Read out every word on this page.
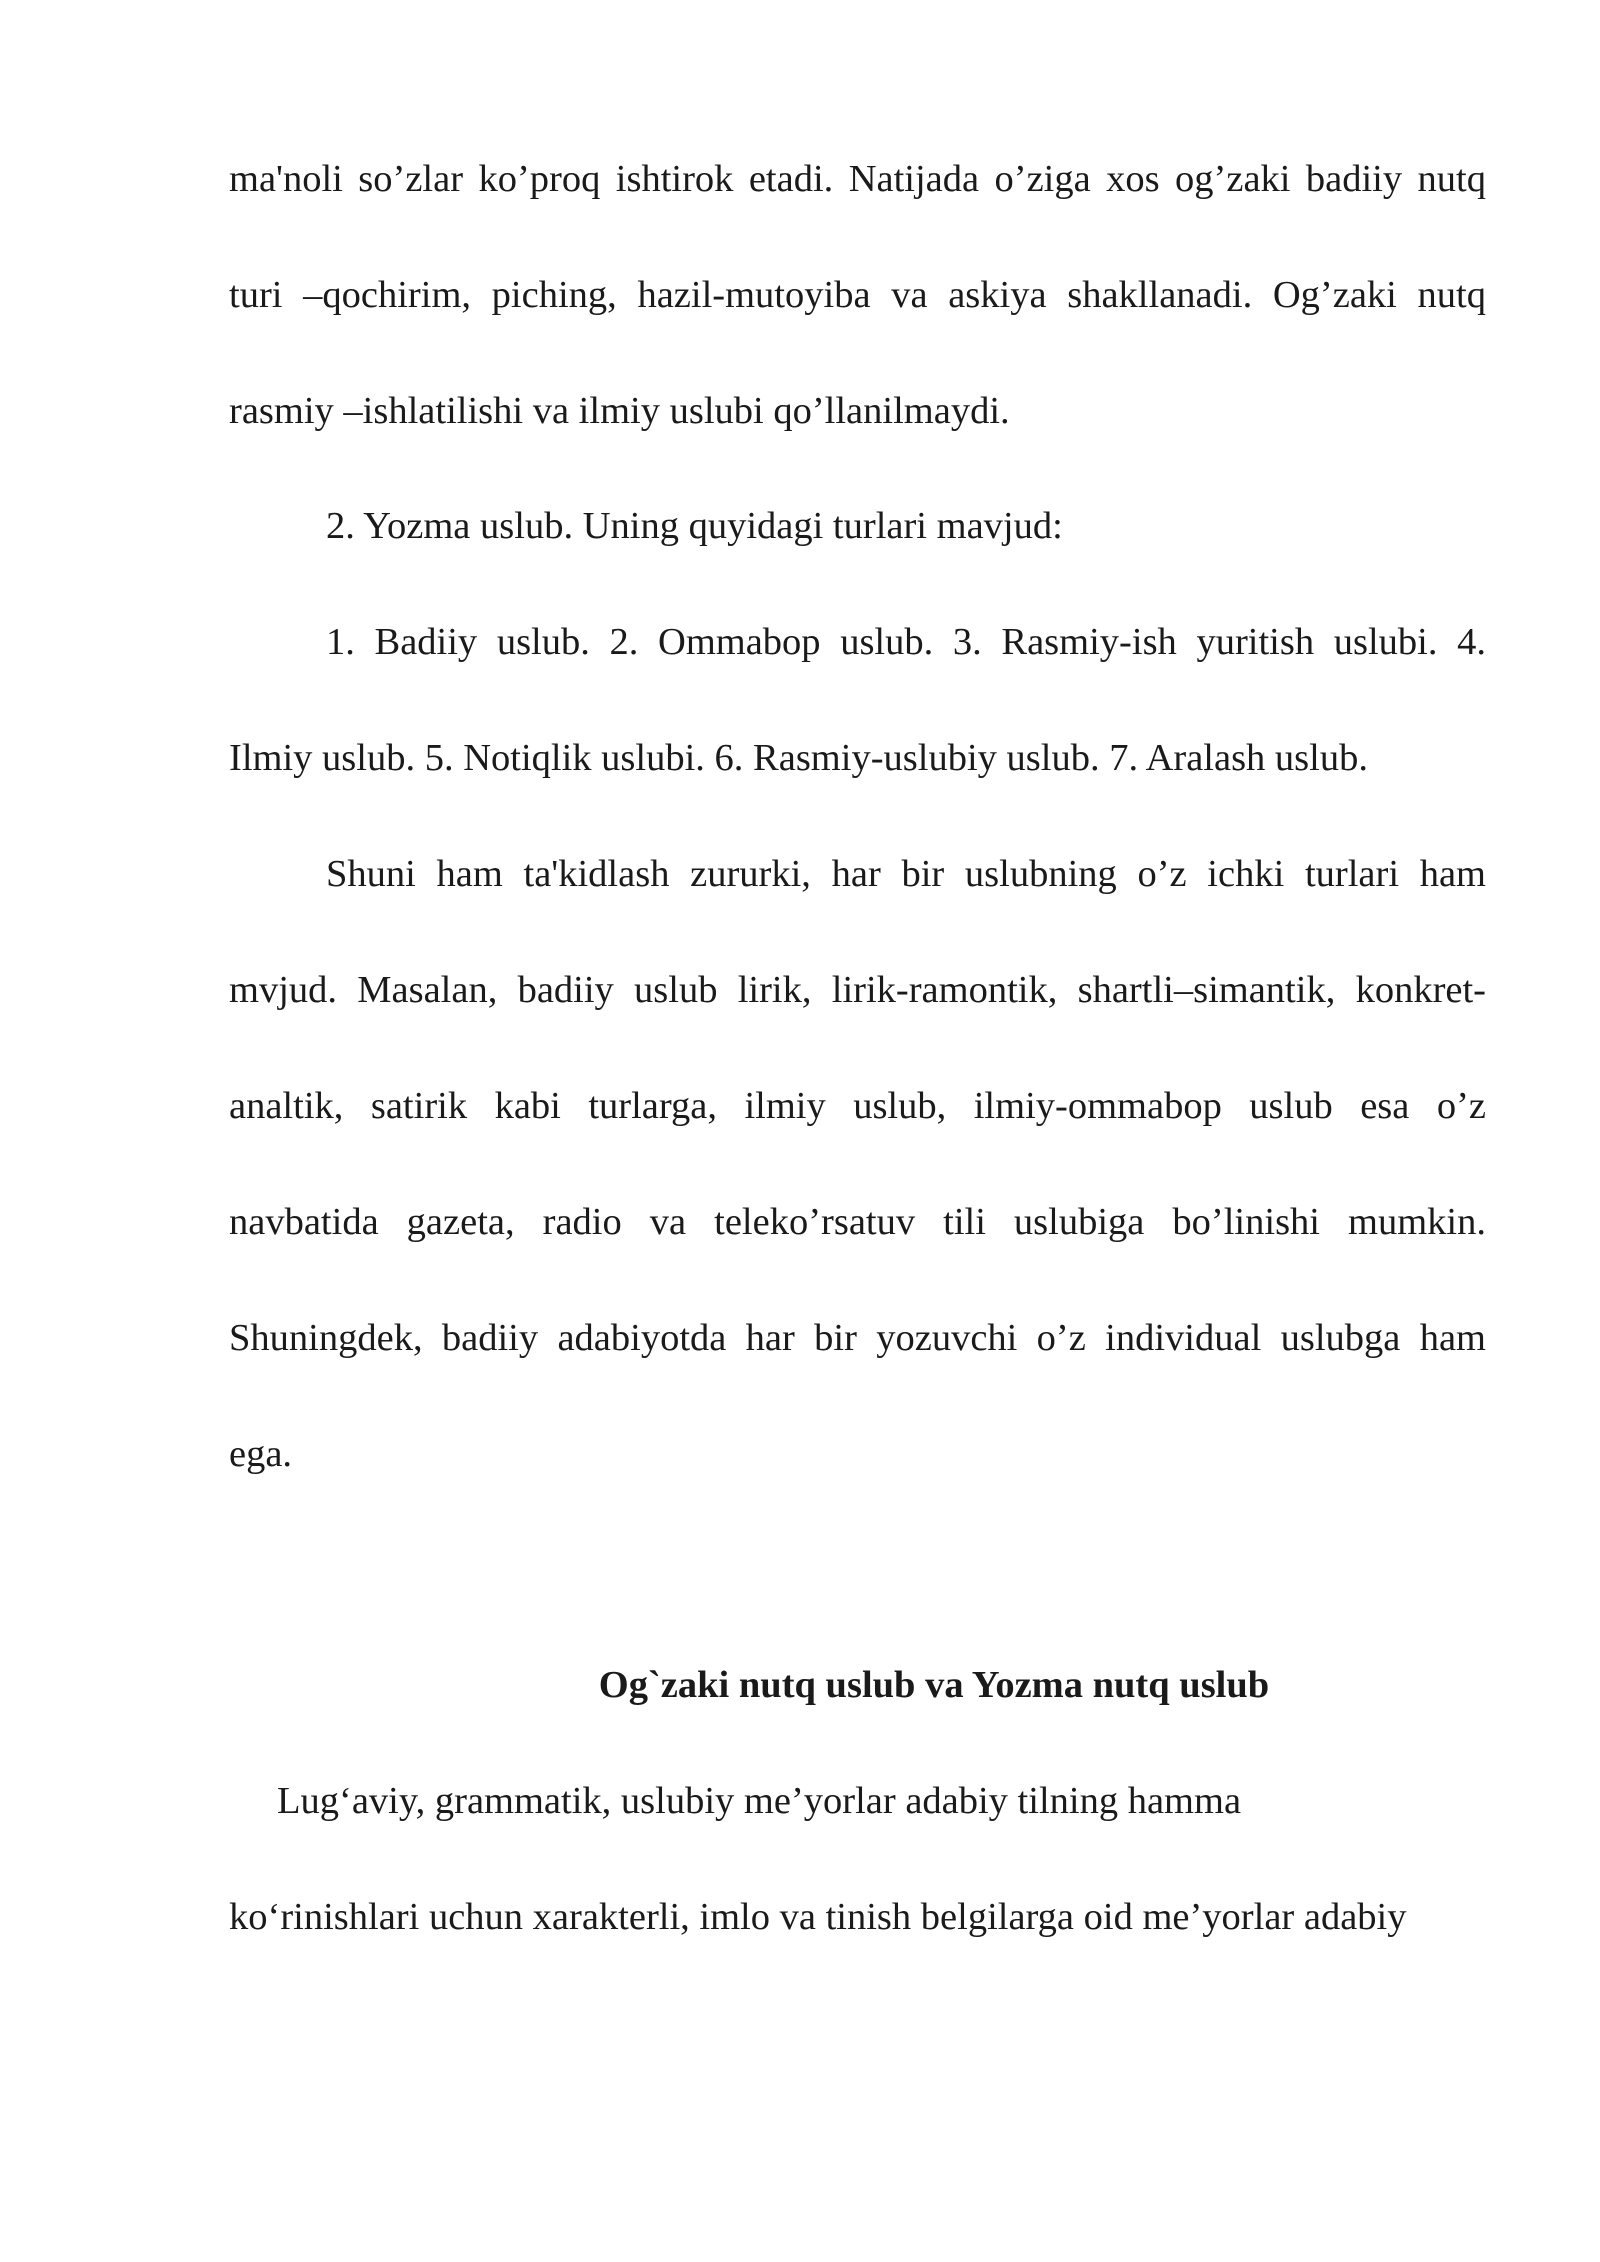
ma'noli so’zlar ko’proq ishtirok etadi. Natijada o’ziga xos og’zaki badiiy nutq
turi –qochirim, piching, hazil-mutoyiba va askiya shakllanadi. Og’zaki nutq
rasmiy –ishlatilishi va ilmiy uslubi qo’llanilmaydi.
2. Yozma uslub. Uning quyidagi turlari mavjud:
1. Badiiy uslub. 2. Ommabop uslub. 3. Rasmiy-ish yuritish uslubi. 4.
Ilmiy uslub. 5. Notiqlik uslubi. 6. Rasmiy-uslubiy uslub. 7. Aralash uslub.
Shuni ham ta'kidlash zururki, har bir uslubning o’z ichki turlari ham
mvjud. Masalan, badiiy uslub lirik, lirik-ramontik, shartli–simantik, konkret-
analtik, satirik kabi turlarga, ilmiy uslub, ilmiy-ommabop uslub esa o’z
navbatida gazeta, radio va teleko’rsatuv tili uslubiga bo’linishi mumkin.
Shuningdek, badiiy adabiyotda har bir yozuvchi o’z individual uslubga ham
ega.
Og`zaki nutq uslub va Yozma nutq uslub
Lug‘aviy, grammatik, uslubiy me’yorlar adabiy tilning hamma
ko‘rinishlari uchun xarakterli, imlo va tinish belgilarga oid me’yorlar adabiy
